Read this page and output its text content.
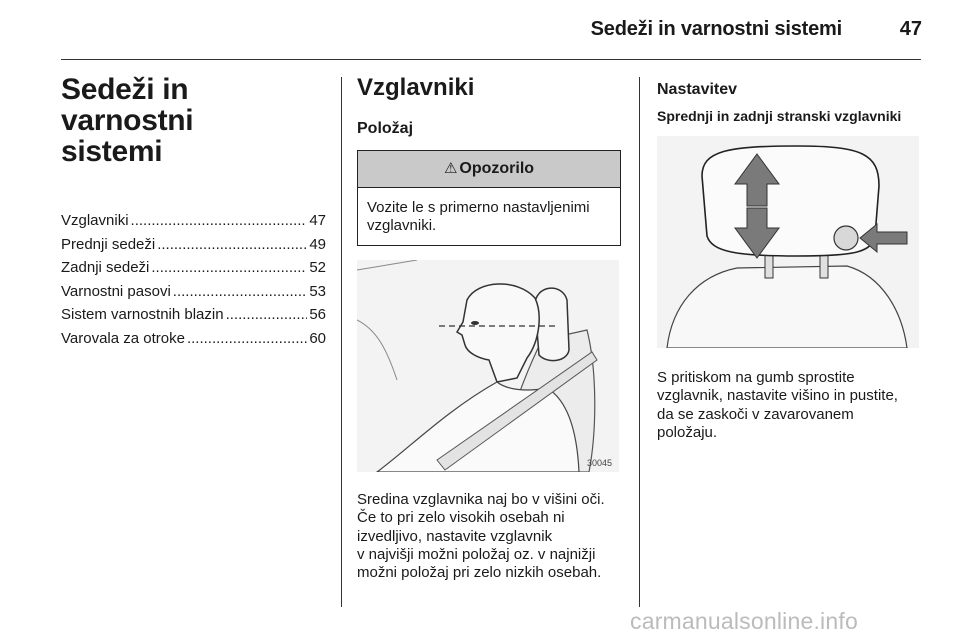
Sedeži in varnostni sistemi	47
Sedeži in varnostni
sistemi
Vzglavniki .....	47
Prednji sedeži .....	49
Zadnji sedeži .....	52
Varnostni pasovi .....	53
Sistem varnostnih blazin .....	56
Varovala za otroke .....	60
Vzglavniki
Položaj
⚠ Opozorilo
Vozite le s primerno nastavljenimi vzglavniki.
30045

Sredina vzglavnika naj bo v višini oči.
Če to pri zelo visokih osebah ni
izvedljivo, nastavite vzglavnik
v najvišji možni položaj oz. v najnižji
možni položaj pri zelo nizkih osebah.

Nastavitev
Sprednji in zadnji stranski vzglavniki

S pritiskom na gumb sprostite
vzglavnik, nastavite višino in pustite,
da se zaskoči v zavarovanem
položaju.

carmanualsonline.info
